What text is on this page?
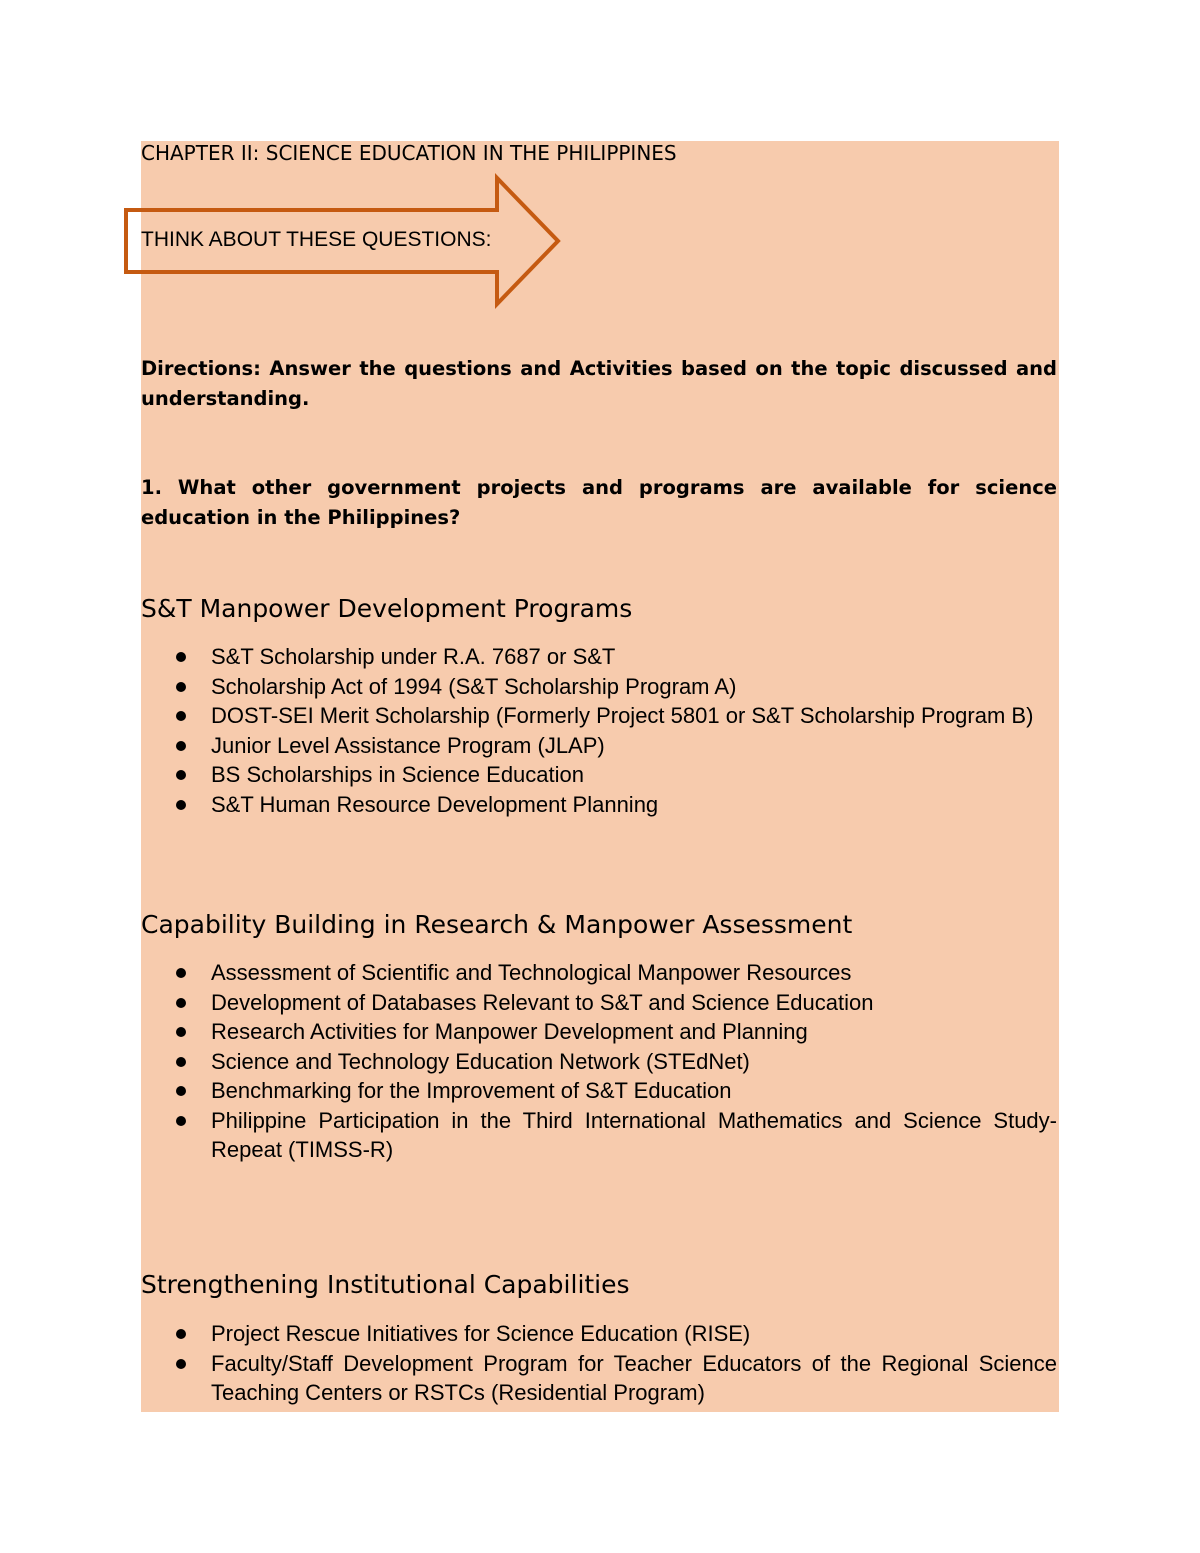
CHAPTER II: SCIENCE EDUCATION IN THE PHILIPPINES
THINK ABOUT THESE QUESTIONS:
Directions: Answer the questions and Activities based on the topic discussed and understanding.
1. What other government projects and programs are available for science education in the Philippines?
S&T Manpower Development Programs
S&T Scholarship under R.A. 7687 or S&T
Scholarship Act of 1994 (S&T Scholarship Program A)
DOST-SEI Merit Scholarship (Formerly Project 5801 or S&T Scholarship Program B)
Junior Level Assistance Program (JLAP)
BS Scholarships in Science Education
S&T Human Resource Development Planning
Capability Building in Research & Manpower Assessment
Assessment of Scientific and Technological Manpower Resources
Development of Databases Relevant to S&T and Science Education
Research Activities for Manpower Development and Planning
Science and Technology Education Network (STEdNet)
Benchmarking for the Improvement of S&T Education
Philippine Participation in the Third International Mathematics and Science Study-Repeat (TIMSS-R)
Strengthening Institutional Capabilities
Project Rescue Initiatives for Science Education (RISE)
Faculty/Staff Development Program for Teacher Educators of the Regional Science Teaching Centers or RSTCs (Residential Program)
